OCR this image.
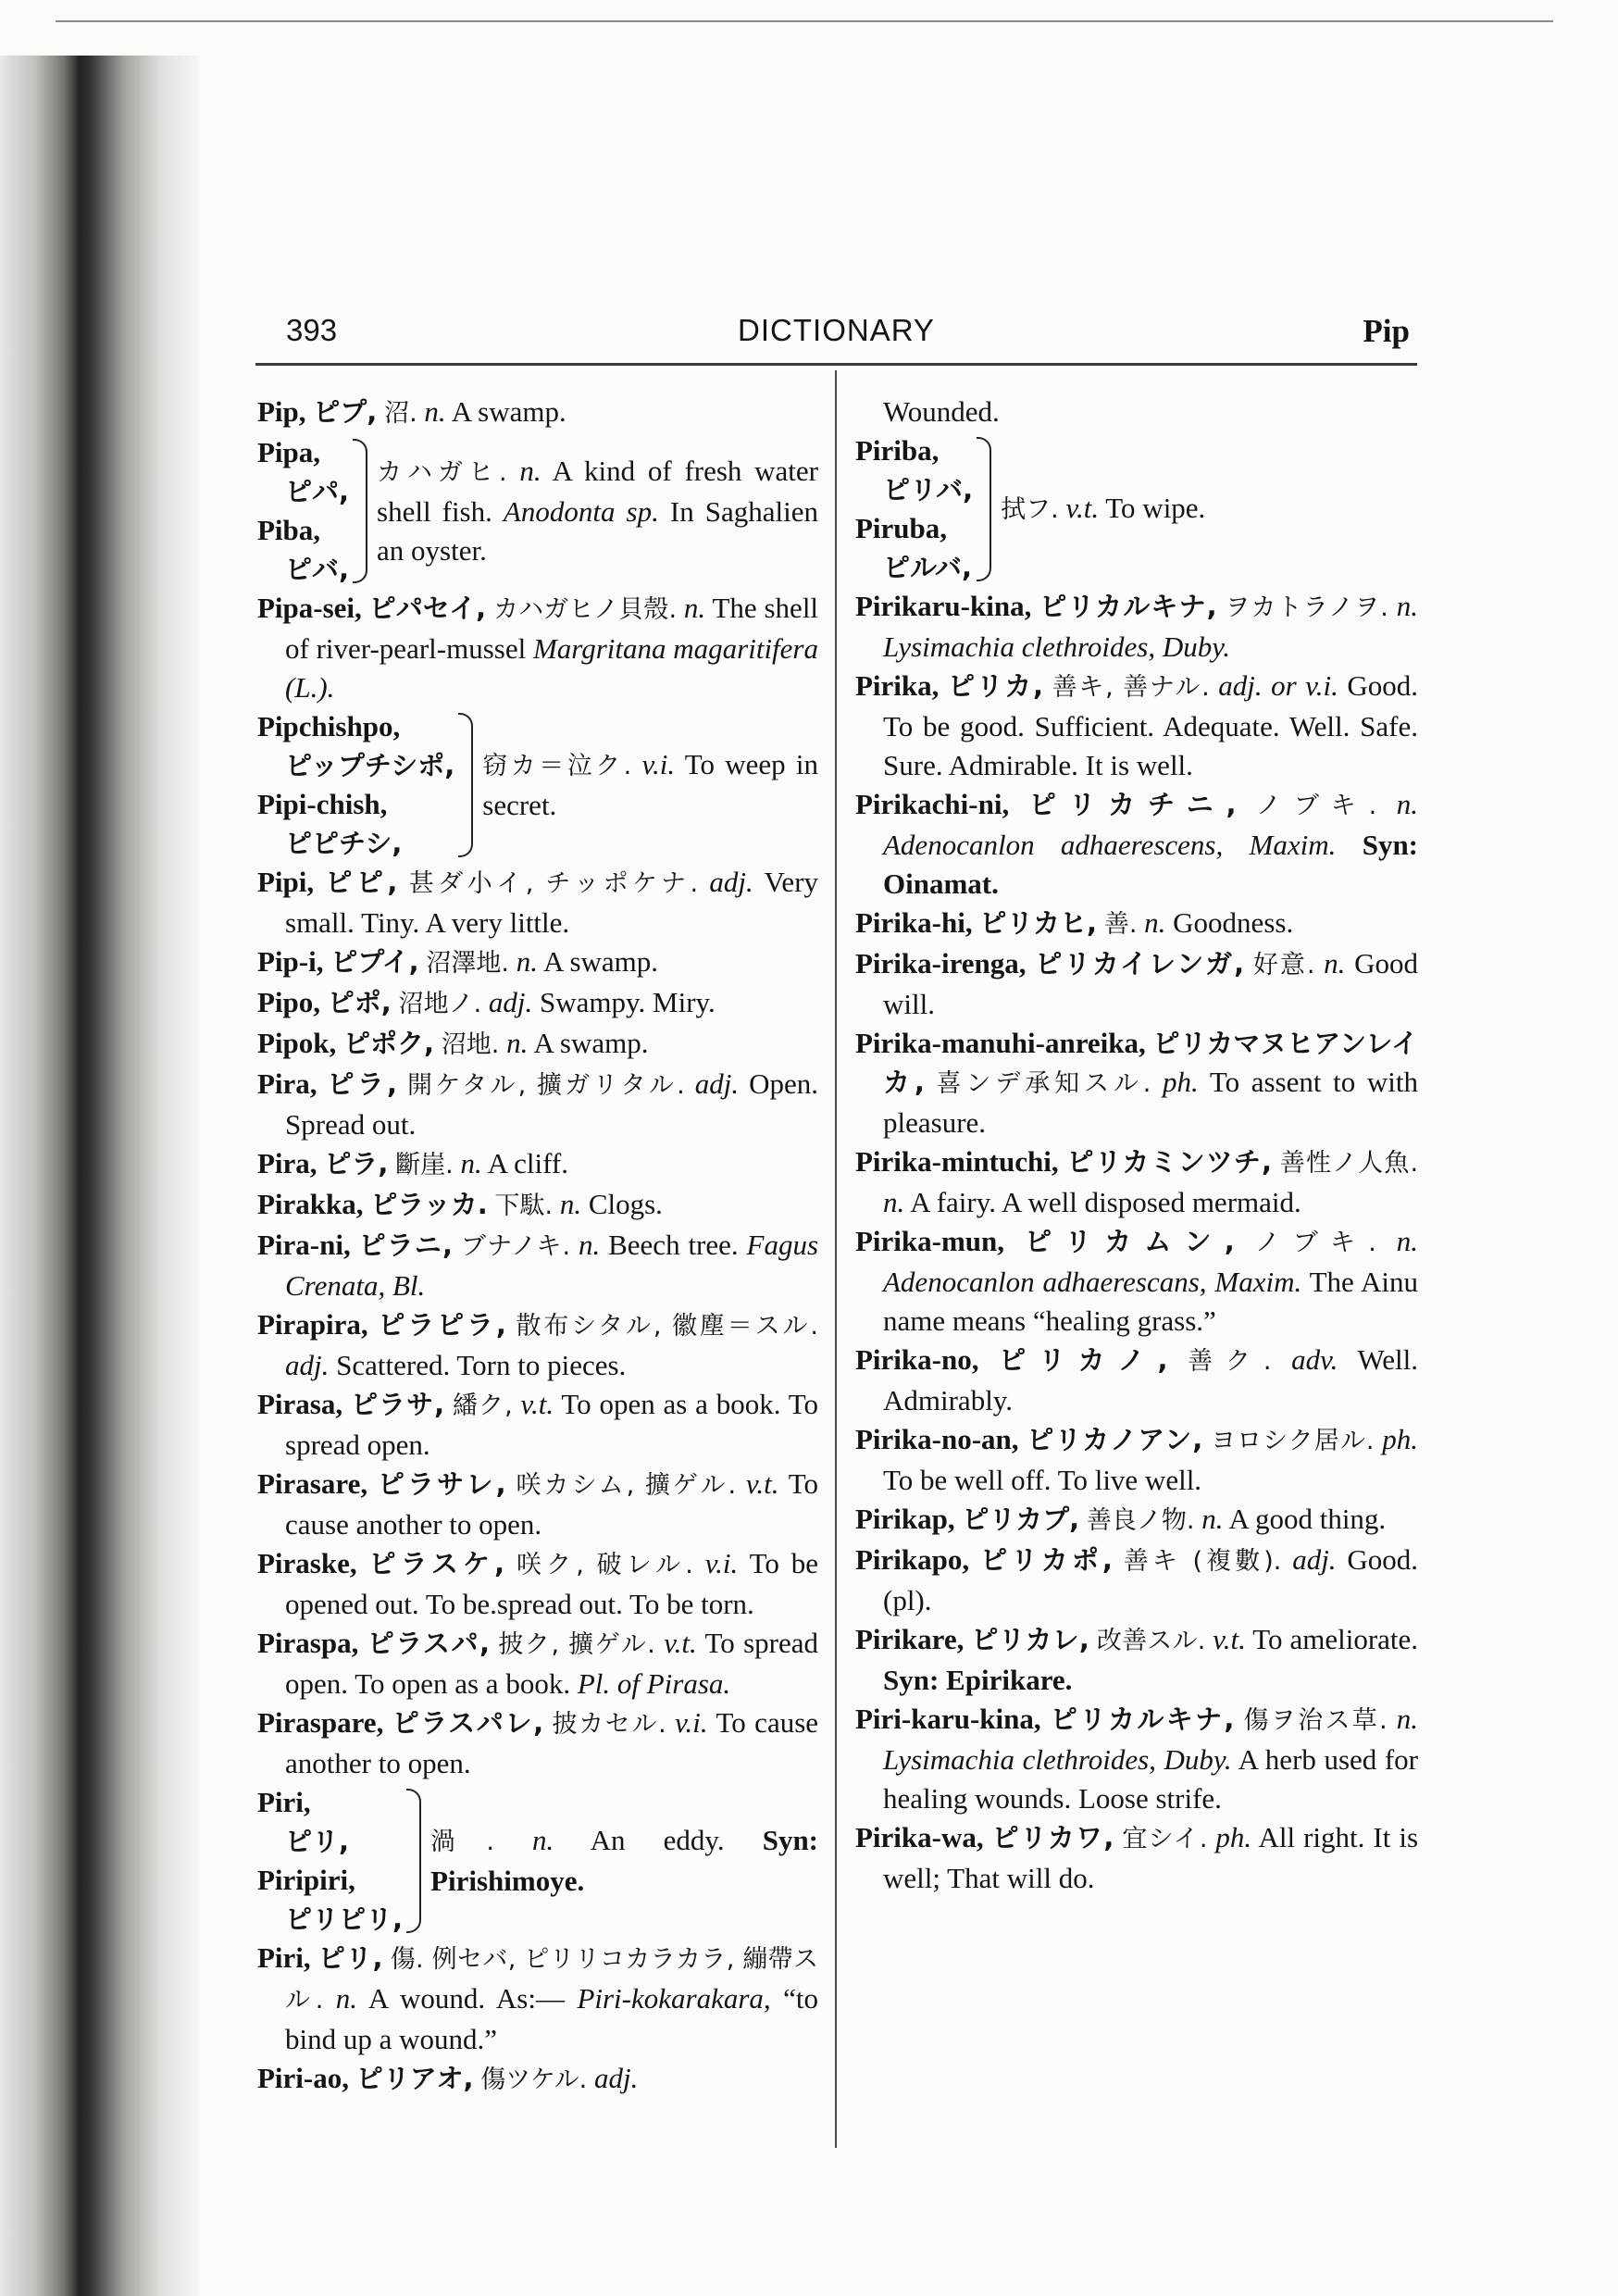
393	DICTIONARY	Pip
Pip, ピプ, 沼. n. A swamp.
Pipa,
ピパ,
Piba,
ピバ,
カハガヒ. n. A kind of fresh water shell fish. Anodonta sp. In Saghalien an oyster.
Pipa-sei, ピパセイ, カハガヒノ貝殼. n. The shell of river-pearl-mussel Margritana magaritifera (L.).
Pipchishpo,
ピップチシポ,
Pipi-chish,
ピピチシ,
窃カ＝泣ク. v.i. To weep in secret.
Pipi, ピピ, 甚ダ小イ, チッポケナ. adj. Very small. Tiny. A very little.
Pip-i, ピプイ, 沼澤地. n. A swamp.
Pipo, ピポ, 沼地ノ. adj. Swampy. Miry.
Pipok, ピポク, 沼地. n. A swamp.
Pira, ピラ, 開ケタル, 擴ガリタル. adj. Open. Spread out.
Pira, ピラ, 斷崖. n. A cliff.
Pirakka, ピラッカ. 下駄. n. Clogs.
Pira-ni, ピラニ, ブナノキ. n. Beech tree. Fagus Crenata, Bl.
Pirapira, ピラピラ, 散布シタル, 徽塵＝スル. adj. Scattered. Torn to pieces.
Pirasa, ピラサ, 繙ク, v.t. To open as a book. To spread open.
Pirasare, ピラサレ, 咲カシム, 擴ゲル. v.t. To cause another to open.
Piraske, ピラスケ, 咲ク, 破レル. v.i. To be opened out. To be.spread out. To be torn.
Piraspa, ピラスパ, 披ク, 擴ゲル. v.t. To spread open. To open as a book. Pl. of Pirasa.
Piraspare, ピラスパレ, 披カセル. v.i. To cause another to open.
Piri,
ピリ,
Piripiri,
ピリピリ,
渦. n. An eddy. Syn: Pirishimoye.
Piri, ピリ, 傷. 例セバ, ピリリコカラカラ, 繃帶スル. n. A wound. As:— Piri-kokarakara, “to bind up a wound.”
Piri-ao, ピリアオ, 傷ツケル. adj.
Wounded.
Piriba,
ピリバ,
Piruba,
ピルバ,
拭フ. v.t. To wipe.
Pirikaru-kina, ピリカルキナ, ヲカトラノヲ. n. Lysimachia clethroides, Duby.
Pirika, ピリカ, 善キ, 善ナル. adj. or v.i. Good. To be good. Sufficient. Adequate. Well. Safe. Sure. Admirable. It is well.
Pirikachi-ni, ピリカチニ, ノブキ. n. Adenocanlon adhaerescens, Maxim. Syn: Oinamat.
Pirika-hi, ピリカヒ, 善. n. Goodness.
Pirika-irenga, ピリカイレンガ, 好意. n. Good will.
Pirika-manuhi-anreika, ピリカマヌヒアンレイカ, 喜ンデ承知スル. ph. To assent to with pleasure.
Pirika-mintuchi, ピリカミンツチ, 善性ノ人魚. n. A fairy. A well disposed mermaid.
Pirika-mun, ピリカムン, ノブキ. n. Adenocanlon adhaerescans, Maxim. The Ainu name means “healing grass.”
Pirika-no, ピリカノ, 善ク. adv. Well. Admirably.
Pirika-no-an, ピリカノアン, ヨロシク居ル. ph. To be well off. To live well.
Pirikap, ピリカプ, 善良ノ物. n. A good thing.
Pirikapo, ピリカポ, 善キ (複數). adj. Good. (pl).
Pirikare, ピリカレ, 改善スル. v.t. To ameliorate. Syn: Epirikare.
Piri-karu-kina, ピリカルキナ, 傷ヲ治ス草. n. Lysimachia clethroides, Duby. A herb used for healing wounds. Loose strife.
Pirika-wa, ピリカワ, 宜シイ. ph. All right. It is well; That will do.
